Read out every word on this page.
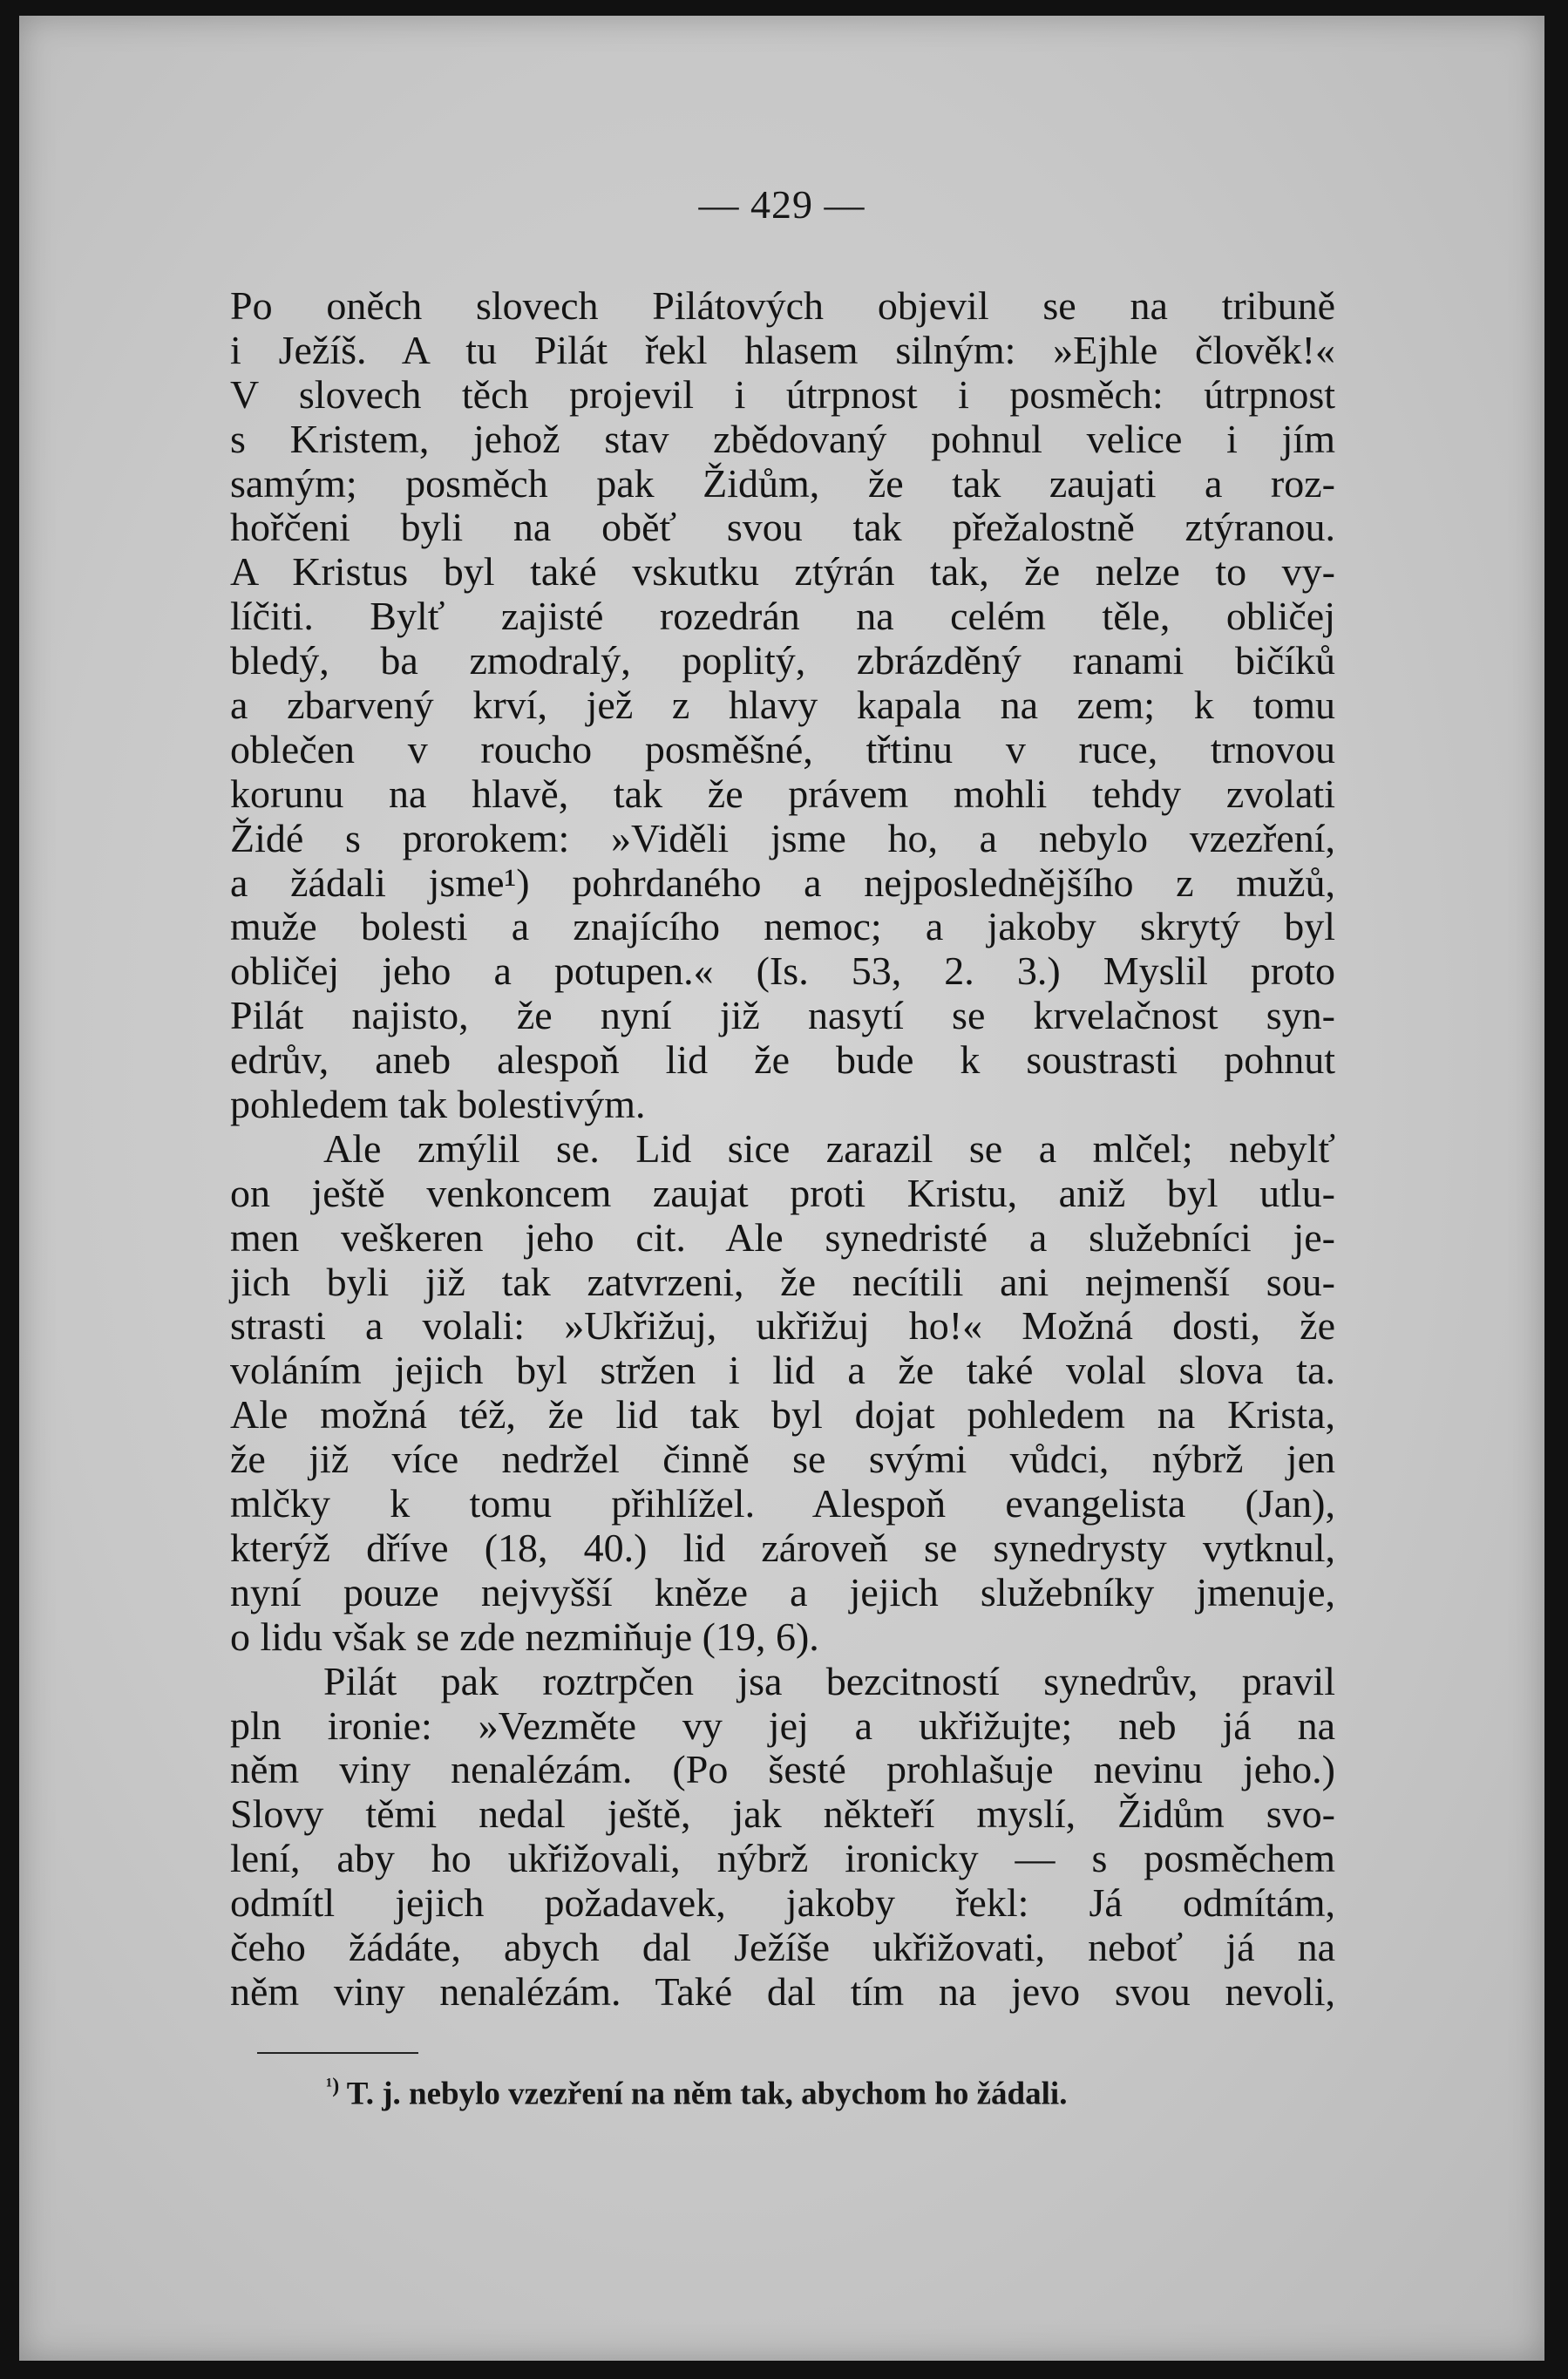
— 429 —
Po oněch slovech Pilátových objevil se na tribuně
i Ježíš. A tu Pilát řekl hlasem silným: »Ejhle člověk!«
V slovech těch projevil i útrpnost i posměch: útrpnost
s Kristem, jehož stav zbědovaný pohnul velice i jím
samým; posměch pak Židům, že tak zaujati a roz-
hořčeni byli na oběť svou tak přežalostně ztýranou.
A Kristus byl také vskutku ztýrán tak, že nelze to vy-
líčiti. Bylť zajisté rozedrán na celém těle, obličej
bledý, ba zmodralý, poplitý, zbrázděný ranami bičíků
a zbarvený krví, jež z hlavy kapala na zem; k tomu
oblečen v roucho posměšné, třtinu v ruce, trnovou
korunu na hlavě, tak že právem mohli tehdy zvolati
Židé s prorokem: »Viděli jsme ho, a nebylo vzezření,
a žádali jsme¹) pohrdaného a nejposlednějšího z mužů,
muže bolesti a znajícího nemoc; a jakoby skrytý byl
obličej jeho a potupen.« (Is. 53, 2. 3.) Myslil proto
Pilát najisto, že nyní již nasytí se krvelačnost syn-
edrův, aneb alespoň lid že bude k soustrasti pohnut
pohledem tak bolestivým.
Ale zmýlil se. Lid sice zarazil se a mlčel; nebylť
on ještě venkoncem zaujat proti Kristu, aniž byl utlu-
men veškeren jeho cit. Ale synedristé a služebníci je-
jich byli již tak zatvrzeni, že necítili ani nejmenší sou-
strasti a volali: »Ukřižuj, ukřižuj ho!« Možná dosti, že
voláním jejich byl stržen i lid a že také volal slova ta.
Ale možná též, že lid tak byl dojat pohledem na Krista,
že již více nedržel činně se svými vůdci, nýbrž jen
mlčky k tomu přihlížel. Alespoň evangelista (Jan),
kterýž dříve (18, 40.) lid zároveň se synedrysty vytknul,
nyní pouze nejvyšší kněze a jejich služebníky jmenuje,
o lidu však se zde nezmiňuje (19, 6).
Pilát pak roztrpčen jsa bezcitností synedrův, pravil
pln ironie: »Vezměte vy jej a ukřižujte; neb já na
něm viny nenalézám. (Po šesté prohlašuje nevinu jeho.)
Slovy těmi nedal ještě, jak někteří myslí, Židům svo-
lení, aby ho ukřižovali, nýbrž ironicky — s posměchem
odmítl jejich požadavek, jakoby řekl: Já odmítám,
čeho žádáte, abych dal Ježíše ukřižovati, neboť já na
něm viny nenalézám. Také dal tím na jevo svou nevoli,
$^{^1)}$ T. j. nebylo vzezření na něm tak, abychom ho žádali.
